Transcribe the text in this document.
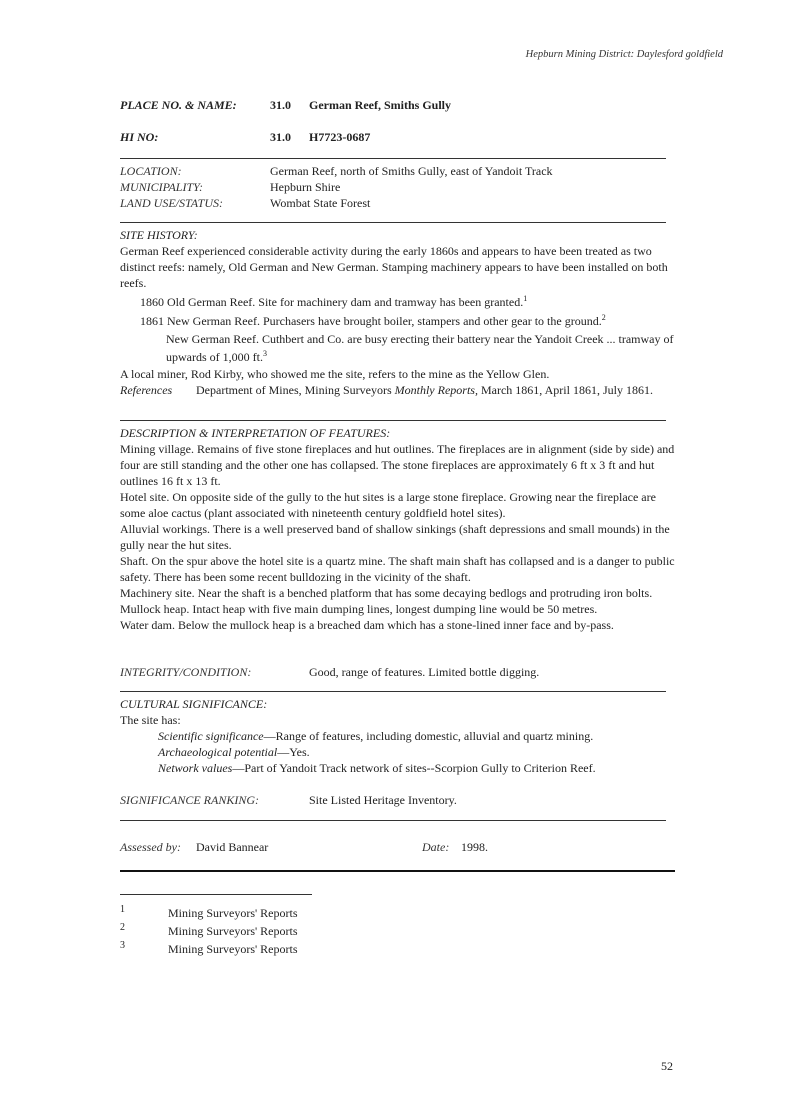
Hepburn Mining District: Daylesford goldfield
PLACE NO. & NAME:	31.0 German Reef, Smiths Gully
HI NO:	31.0 H7723-0687
LOCATION:	German Reef, north of Smiths Gully, east of Yandoit Track
MUNICIPALITY:	Hepburn Shire
LAND USE/STATUS:	Wombat State Forest

SITE HISTORY:

German Reef experienced considerable activity during the early 1860s and appears to have been treated as two distinct reefs: namely, Old German and New German. Stamping machinery appears to have been installed on both reefs.

1860 Old German Reef. Site for machinery dam and tramway has been granted.$^1$

1861 New German Reef. Purchasers have brought boiler, stampers and other gear to the ground.$^2$

New German Reef. Cuthbert and Co. are busy erecting their battery near the Yandoit Creek ... tramway of upwards of 1,000 ft.$^3$

A local miner, Rod Kirby, who showed me the site, refers to the mine as the Yellow Glen.

References	Department of Mines, Mining Surveyors Monthly Reports, March 1861, April 1861, July 1861.

DESCRIPTION & INTERPRETATION OF FEATURES:

Mining village. Remains of five stone fireplaces and hut outlines. The fireplaces are in alignment (side by side) and four are still standing and the other one has collapsed. The stone fireplaces are approximately 6 ft x 3 ft and hut outlines 16 ft x 13 ft.

Hotel site. On opposite side of the gully to the hut sites is a large stone fireplace. Growing near the fireplace are some aloe cactus (plant associated with nineteenth century goldfield hotel sites).

Alluvial workings. There is a well preserved band of shallow sinkings (shaft depressions and small mounds) in the gully near the hut sites.

Shaft. On the spur above the hotel site is a quartz mine. The shaft main shaft has collapsed and is a danger to public safety. There has been some recent bulldozing in the vicinity of the shaft.

Machinery site. Near the shaft is a benched platform that has some decaying bedlogs and protruding iron bolts.

Mullock heap. Intact heap with five main dumping lines, longest dumping line would be 50 metres.

Water dam. Below the mullock heap is a breached dam which has a stone-lined inner face and by-pass.

INTEGRITY/CONDITION:	Good, range of features. Limited bottle digging.

CULTURAL SIGNIFICANCE:

The site has:

Scientific significance—Range of features, including domestic, alluvial and quartz mining.

Archaeological potential—Yes.

Network values—Part of Yandoit Track network of sites--Scorpion Gully to Criterion Reef.

SIGNIFICANCE RANKING:	Site Listed Heritage Inventory.
Assessed by: David Bannear	Date: 1998.
1	Mining Surveyors' Reports
2	Mining Surveyors' Reports
3	Mining Surveyors' Reports
52
